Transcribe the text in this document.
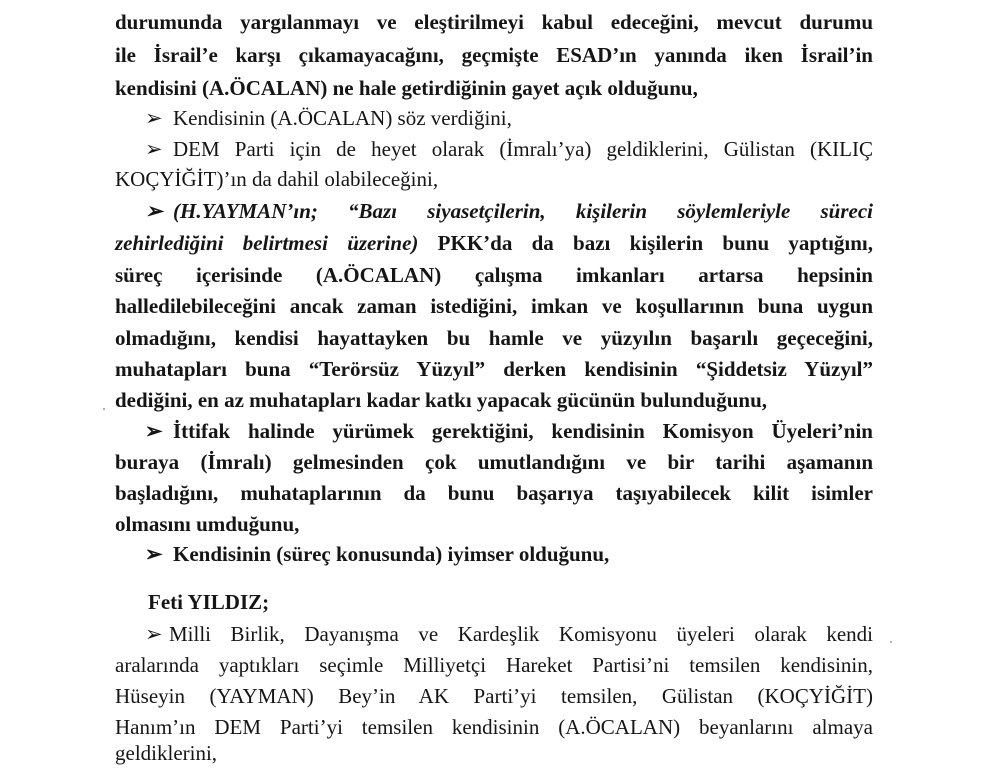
durumunda yargılanmayı ve eleştirilmeyi kabul edeceğini, mevcut durumu
ile İsrail’e karşı çıkamayacağını, geçmişte ESAD’ın yanında iken İsrail’in
kendisini (A.ÖCALAN) ne hale getirdiğinin gayet açık olduğunu,
➢ Kendisinin (A.ÖCALAN) söz verdiğini,
➢ DEM Parti için de heyet olarak (İmralı’ya) geldiklerini, Gülistan (KILIÇ
KOÇYİĞİT)’ın da dahil olabileceğini,
➢ (H.YAYMAN’ın; “Bazı siyasetçilerin, kişilerin söylemleriyle süreci
zehirlediğini belirtmesi üzerine) PKK’da da bazı kişilerin bunu yaptığını,
süreç içerisinde (A.ÖCALAN) çalışma imkanları artarsa hepsinin
halledilebileceğini ancak zaman istediğini, imkan ve koşullarının buna uygun
olmadığını, kendisi hayattayken bu hamle ve yüzyılın başarılı geçeceğini,
muhatapları buna “Terörsüz Yüzyıl” derken kendisinin “Şiddetsiz Yüzyıl”
dediğini, en az muhatapları kadar katkı yapacak gücünün bulunduğunu,
➢ İttifak halinde yürümek gerektiğini, kendisinin Komisyon Üyeleri’nin
buraya (İmralı) gelmesinden çok umutlandığını ve bir tarihi aşamanın
başladığını, muhataplarının da bunu başarıya taşıyabilecek kilit isimler
olmasını umduğunu,
➢ Kendisinin (süreç konusunda) iyimser olduğunu,
Feti YILDIZ;
➢ Milli Birlik, Dayanışma ve Kardeşlik Komisyonu üyeleri olarak kendi
aralarında yaptıkları seçimle Milliyetçi Hareket Partisi’ni temsilen kendisinin,
Hüseyin (YAYMAN) Bey’in AK Parti’yi temsilen, Gülistan (KOÇYİĞİT)
Hanım’ın DEM Parti’yi temsilen kendisinin (A.ÖCALAN) beyanlarını almaya
geldiklerini,
